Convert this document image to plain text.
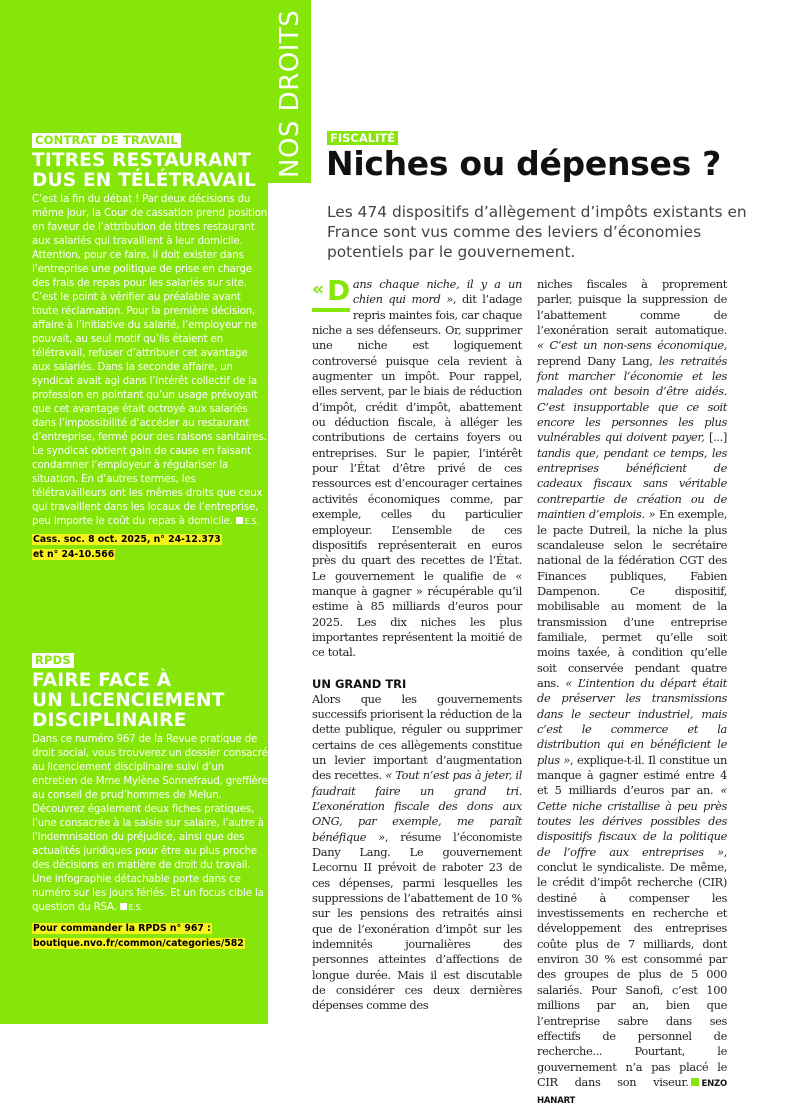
NOS DROITS
CONTRAT DE TRAVAIL
TITRES RESTAURANT
DUS EN TÉLÉTRAVAIL
C’est la fin du débat ! Par deux décisions du même jour, la Cour de cassation prend position en faveur de l’attribution de titres restaurant aux salariés qui travaillent à leur domicile. Attention, pour ce faire, il doit exister dans l’entreprise une politique de prise en charge des frais de repas pour les salariés sur site. C’est le point à vérifier au préalable avant toute réclamation. Pour la première décision, affaire à l’initiative du salarié, l’employeur ne pouvait, au seul motif qu’ils étaient en télétravail, refuser d’attribuer cet avantage aux salariés. Dans la seconde affaire, un syndicat avait agi dans l’intérêt collectif de la profession en pointant qu’un usage prévoyait que cet avantage était octroyé aux salariés dans l’impossibilité d’accéder au restaurant d’entreprise, fermé pour des raisons sanitaires. Le syndicat obtient gain de cause en faisant condamner l’employeur à régulariser la situation. En d’autres termes, les télétravailleurs ont les mêmes droits que ceux qui travaillent dans les locaux de l’entreprise, peu importe le coût du repas à domicile. E.S.
Cass. soc. 8 oct. 2025, n° 24-12.373
et n° 24-10.566
RPDS
FAIRE FACE À
UN LICENCIEMENT
DISCIPLINAIRE
Dans ce numéro 967 de la Revue pratique de droit social, vous trouverez un dossier consacré au licenciement disciplinaire suivi d’un entretien de Mme Mylène Sonnefraud, greffière au conseil de prud’hommes de Melun. Découvrez également deux fiches pratiques, l’une consacrée à la saisie sur salaire, l’autre à l’indemnisation du préjudice, ainsi que des actualités juridiques pour être au plus proche des décisions en matière de droit du travail. Une infographie détachable porte dans ce numéro sur les jours fériés. Et un focus cible la question du RSA. E.S.
Pour commander la RPDS n° 967 :
boutique.nvo.fr/common/categories/582
FISCALITÉ
Niches ou dépenses ?
Les 474 dispositifs d’allègement d’impôts existants en France sont vus comme des leviers d’économies potentiels par le gouvernement.

« D ans chaque niche, il y a un chien qui mord », dit l’adage repris maintes fois, car chaque niche a ses défenseurs. Or, supprimer une niche est logiquement controversé puisque cela revient à augmenter un impôt. Pour rappel, elles servent, par le biais de réduction d’impôt, crédit d’impôt, abattement ou déduction fiscale, à alléger les contributions de certains foyers ou entreprises. Sur le papier, l’intérêt pour l’État d’être privé de ces ressources est d’encourager certaines activités économiques comme, par exemple, celles du particulier employeur. L’ensemble de ces dispositifs représenterait en euros près du quart des recettes de l’État. Le gouvernement le qualifie de « manque à gagner » récupérable qu’il estime à 85 milliards d’euros pour 2025. Les dix niches les plus importantes représentent la moitié de ce total.

UN GRAND TRI

Alors que les gouvernements successifs priorisent la réduction de la dette publique, réguler ou supprimer certains de ces allègements constitue un levier important d’augmentation des recettes. « Tout n’est pas à jeter, il faudrait faire un grand tri. L’exonération fiscale des dons aux ONG, par exemple, me paraît bénéfique », résume l’économiste Dany Lang. Le gouvernement Lecornu II prévoit de raboter 23 de ces dépenses, parmi lesquelles les suppressions de l’abattement de 10 % sur les pensions des retraités ainsi que de l’exonération d’impôt sur les indemnités journalières des personnes atteintes d’affections de longue durée. Mais il est discutable de considérer ces deux dernières dépenses comme des

niches fiscales à proprement parler, puisque la suppression de l’abattement comme de l’exonération serait automatique. « C’est un non-sens économique, reprend Dany Lang, les retraités font marcher l’économie et les malades ont besoin d’être aidés. C’est insupportable que ce soit encore les personnes les plus vulnérables qui doivent payer, [...] tandis que, pendant ce temps, les entreprises bénéficient de cadeaux fiscaux sans véritable contrepartie de création ou de maintien d’emplois. » En exemple, le pacte Dutreil, la niche la plus scandaleuse selon le secrétaire national de la fédération CGT des Finances publiques, Fabien Dampenon. Ce dispositif, mobilisable au moment de la transmission d’une entreprise familiale, permet qu’elle soit moins taxée, à condition qu’elle soit conservée pendant quatre ans. « L’intention du départ était de préserver les transmissions dans le secteur industriel, mais c’est le commerce et la distribution qui en bénéficient le plus », explique-t-il. Il constitue un manque à gagner estimé entre 4 et 5 milliards d’euros par an. « Cette niche cristallise à peu près toutes les dérives possibles des dispositifs fiscaux de la politique de l’offre aux entreprises », conclut le syndicaliste. De même, le crédit d’impôt recherche (CIR) destiné à compenser les investissements en recherche et développement des entreprises coûte plus de 7 milliards, dont environ 30 % est consommé par des groupes de plus de 5 000 salariés. Pour Sanofi, c’est 100 millions par an, bien que l’entreprise sabre dans ses effectifs de personnel de recherche... Pourtant, le gouvernement n’a pas placé le CIR dans son viseur. ENZO HANART
